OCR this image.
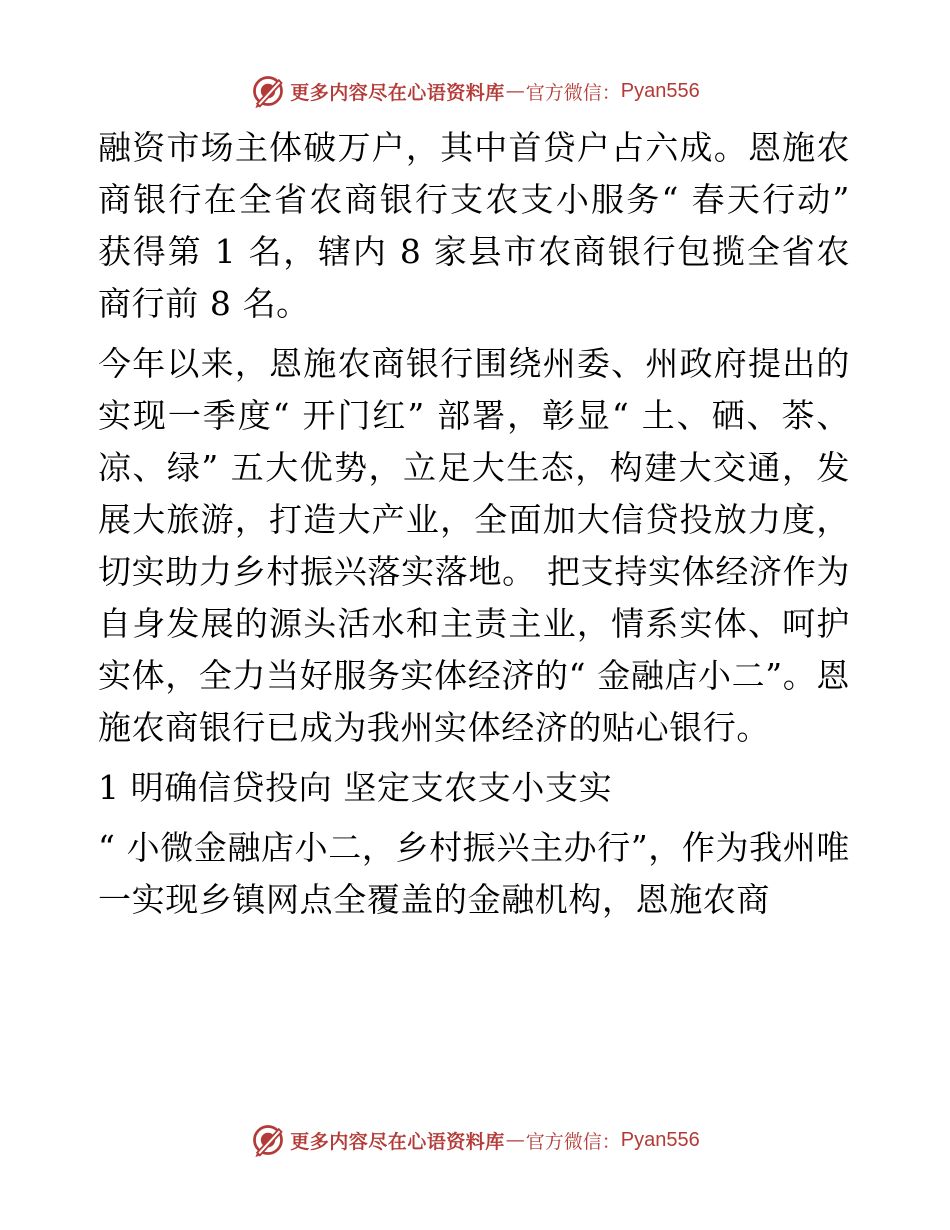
更多内容尽在心语资料库 — 官方微信： Pyan556

融资市场主体破万户，其中首贷户占六成。恩施农商银行在全省农商银行支农支小服务“ 春天行动” 获得第 1 名，辖内 8 家县市农商银行包揽全省农商行前 8 名。

今年以来，恩施农商银行围绕州委、州政府提出的实现一季度“ 开门红” 部署，彰显“ 土、硒、茶、凉、绿” 五大优势，立足大生态，构建大交通，发展大旅游，打造大产业，全面加大信贷投放力度， 切实助力乡村振兴落实落地。 把支持实体经济作为自身发展的源头活水和主责主业，情系实体、呵护实体，全力当好服务实体经济的“ 金融店小二”。恩施农商银行已成为我州实体经济的贴心银行。

1 明确信贷投向 坚定支农支小支实

“ 小微金融店小二，乡村振兴主办行”，作为我州唯一实现乡镇网点全覆盖的金融机构，恩施农商

更多内容尽在心语资料库 — 官方微信： Pyan556
